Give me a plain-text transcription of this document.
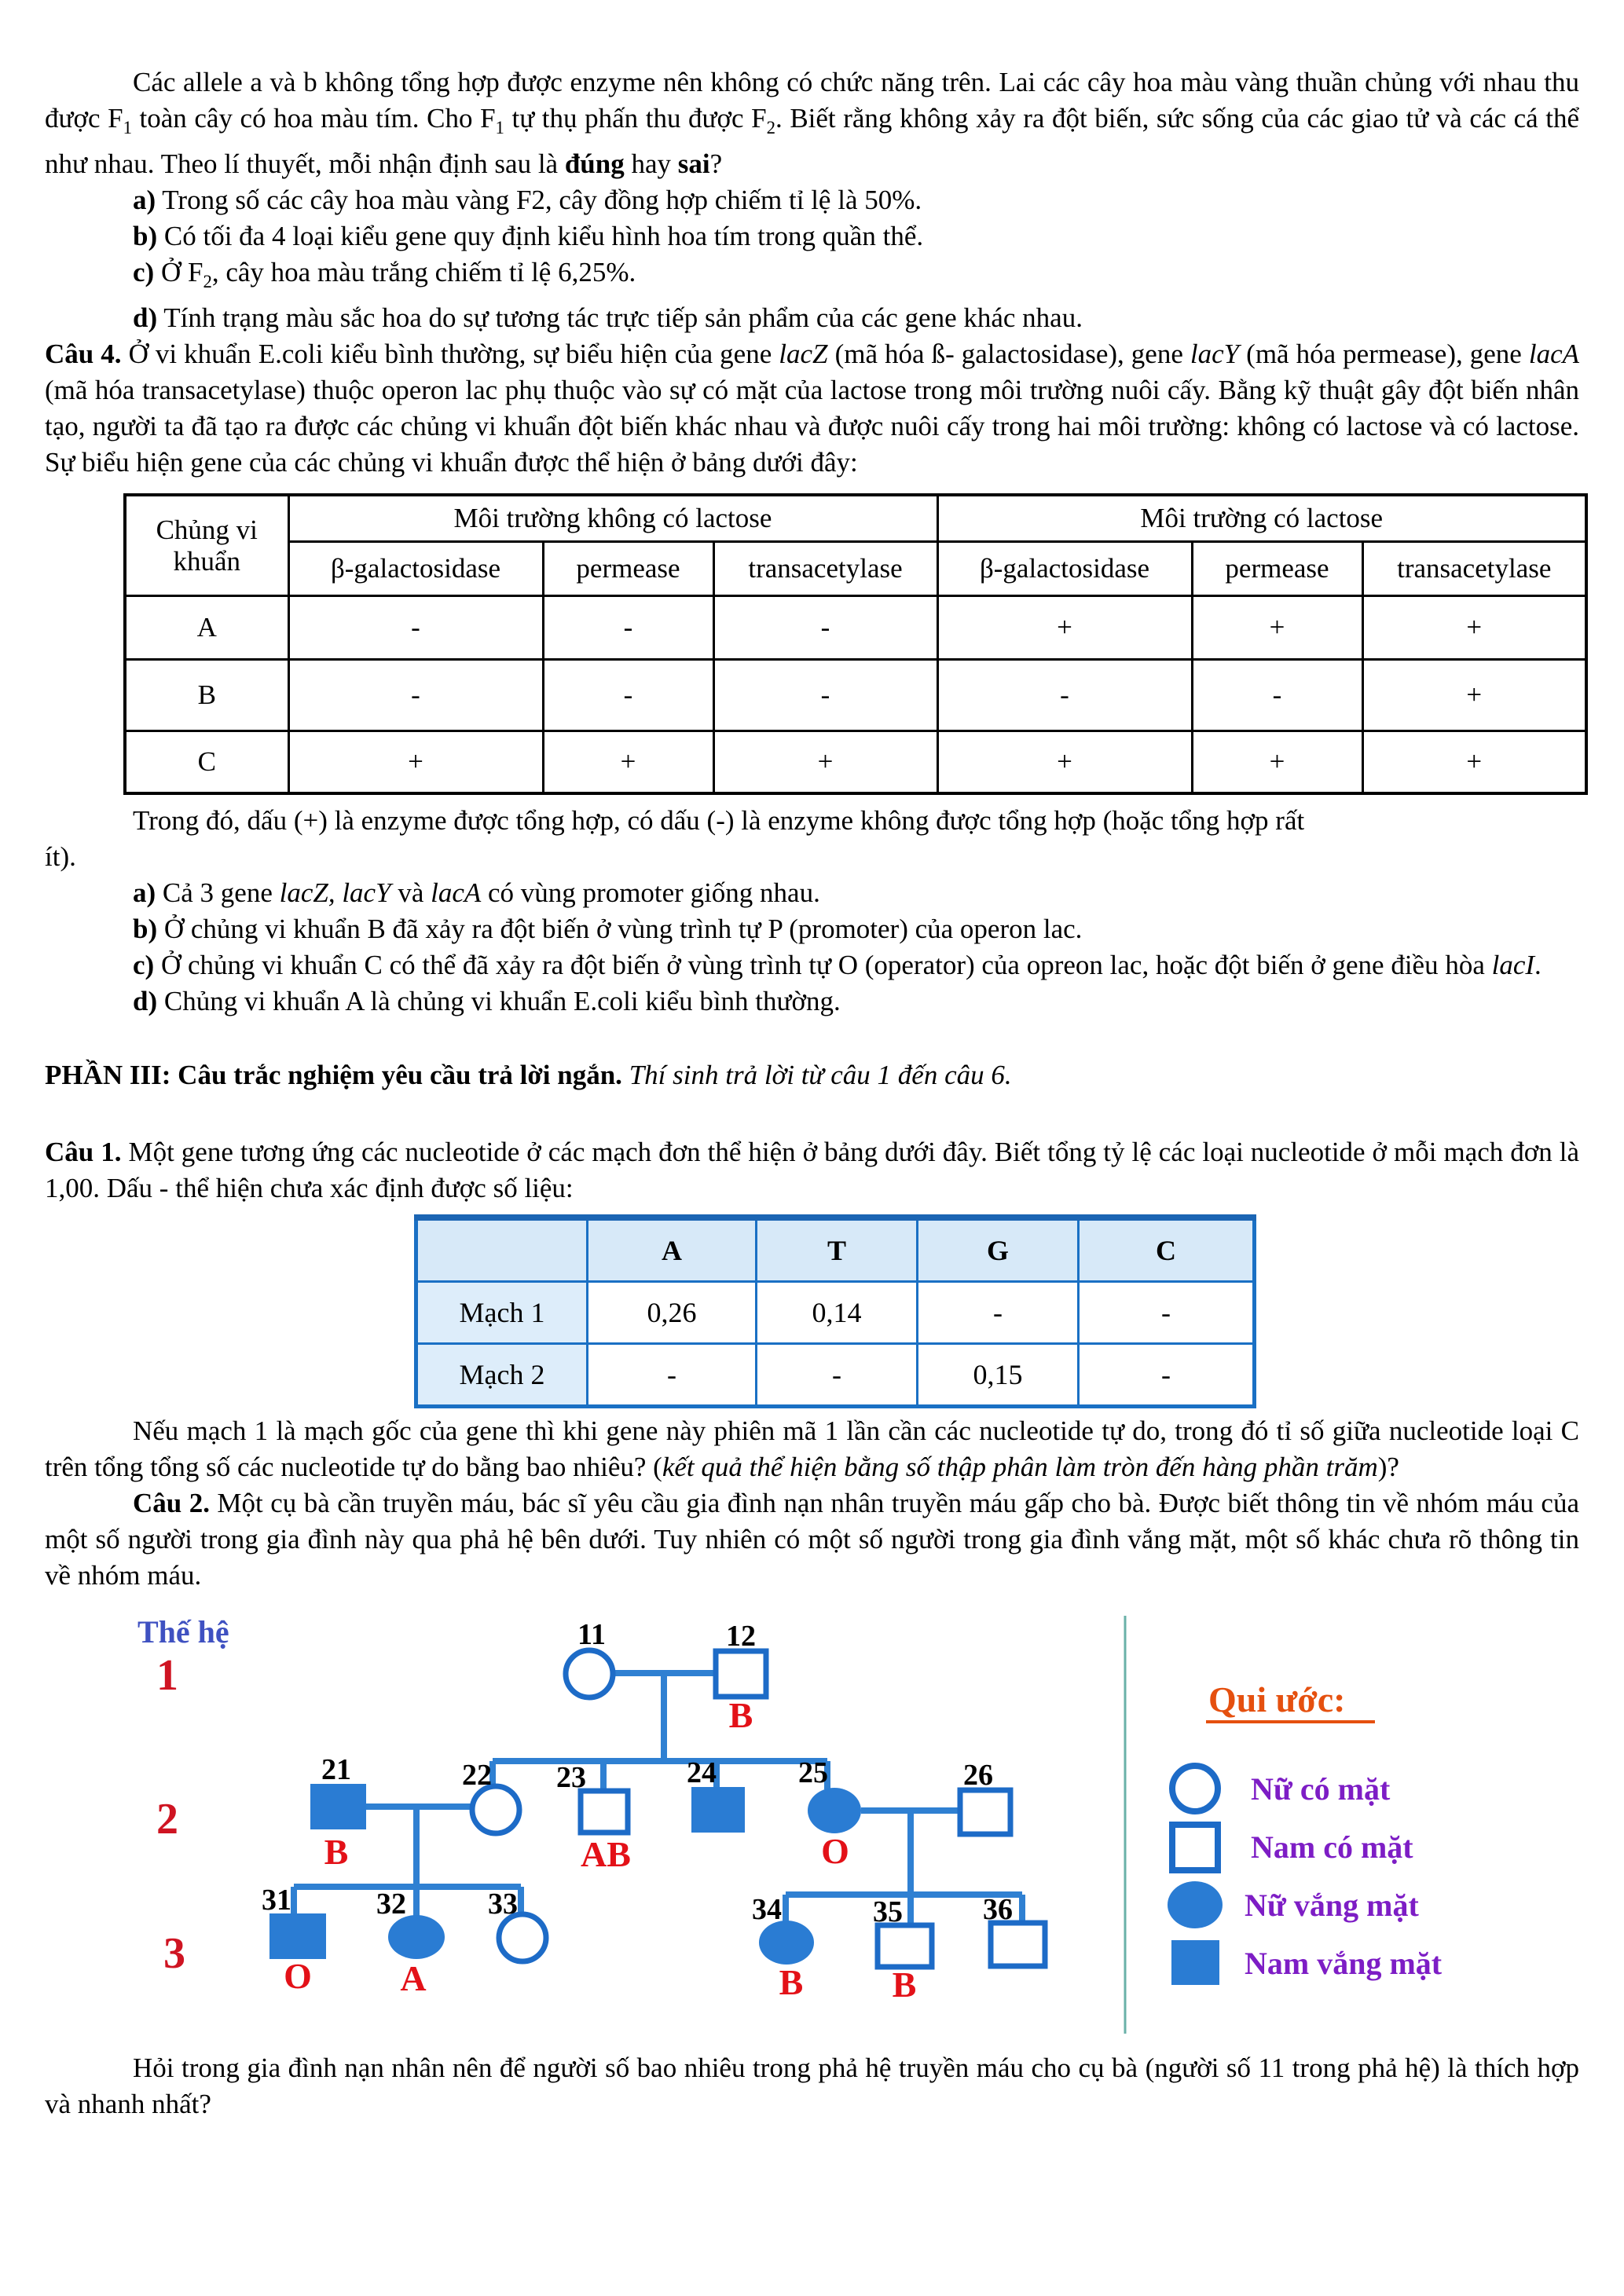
Các allele a và b không tổng hợp được enzyme nên không có chức năng trên. Lai các cây hoa màu vàng thuần chủng với nhau thu được $F_1$ toàn cây có hoa màu tím. Cho $F_1$ tự thụ phấn thu được $F_2$. Biết rằng không xảy ra đột biến, sức sống của các giao tử và các cá thể như nhau. Theo lí thuyết, mỗi nhận định sau là đúng hay sai?

a) Trong số các cây hoa màu vàng F2, cây đồng hợp chiếm tỉ lệ là 50%.

b) Có tối đa 4 loại kiểu gene quy định kiểu hình hoa tím trong quần thể.

c) Ở $F_2$, cây hoa màu trắng chiếm tỉ lệ 6,25%.

d) Tính trạng màu sắc hoa do sự tương tác trực tiếp sản phẩm của các gene khác nhau.

Câu 4. Ở vi khuẩn E.coli kiểu bình thường, sự biểu hiện của gene lacZ (mã hóa ß- galactosidase), gene lacY (mã hóa permease), gene lacA (mã hóa transacetylase) thuộc operon lac phụ thuộc vào sự có mặt của lactose trong môi trường nuôi cấy. Bằng kỹ thuật gây đột biến nhân tạo, người ta đã tạo ra được các chủng vi khuẩn đột biến khác nhau và được nuôi cấy trong hai môi trường: không có lactose và có lactose. Sự biểu hiện gene của các chủng vi khuẩn được thể hiện ở bảng dưới đây:

Chủng vi khuẩn	Môi trường không có lactose			Môi trường có lactose		
	β-galactosidase	permease	transacetylase	β-galactosidase	permease	transacetylase
A	-	-	-	+	+	+
B	-	-	-	-	-	+
C	+	+	+	+	+	+

Trong đó, dấu (+) là enzyme được tổng hợp, có dấu (-) là enzyme không được tổng hợp (hoặc tổng hợp rất
ít).

a) Cả 3 gene lacZ, lacY và lacA có vùng promoter giống nhau.

b) Ở chủng vi khuẩn B đã xảy ra đột biến ở vùng trình tự P (promoter) của operon lac.

c) Ở chủng vi khuẩn C có thể đã xảy ra đột biến ở vùng trình tự O (operator) của opreon lac, hoặc đột biến ở gene điều hòa lacI.

d) Chủng vi khuẩn A là chủng vi khuẩn E.coli kiểu bình thường.

PHẦN III: Câu trắc nghiệm yêu cầu trả lời ngắn. Thí sinh trả lời từ câu 1 đến câu 6.

Câu 1. Một gene tương ứng các nucleotide ở các mạch đơn thể hiện ở bảng dưới đây. Biết tổng tỷ lệ các loại nucleotide ở mỗi mạch đơn là 1,00. Dấu - thể hiện chưa xác định được số liệu:

	A	T	G	C
Mạch 1	0,26	0,14	-	-
Mạch 2	-	-	0,15	-

Nếu mạch 1 là mạch gốc của gene thì khi gene này phiên mã 1 lần cần các nucleotide tự do, trong đó tỉ số giữa nucleotide loại C trên tổng tổng số các nucleotide tự do bằng bao nhiêu? (kết quả thể hiện bằng số thập phân làm tròn đến hàng phần trăm)?

Câu 2. Một cụ bà cần truyền máu, bác sĩ yêu cầu gia đình nạn nhân truyền máu gấp cho bà. Được biết thông tin về nhóm máu của một số người trong gia đình này qua phả hệ bên dưới. Tuy nhiên có một số người trong gia đình vắng mặt, một số khác chưa rõ thông tin về nhóm máu.

11	12
21	22 23	24	25	26
31	32	33	34	35	36
B
B	AB	O
O A	B B
Thế hệ
1
2
3
Qui ước:
Nữ có mặt
Nam có mặt
Nữ vắng mặt
Nam vắng mặt

Hỏi trong gia đình nạn nhân nên để người số bao nhiêu trong phả hệ truyền máu cho cụ bà (người số 11 trong phả hệ) là thích hợp và nhanh nhất?
